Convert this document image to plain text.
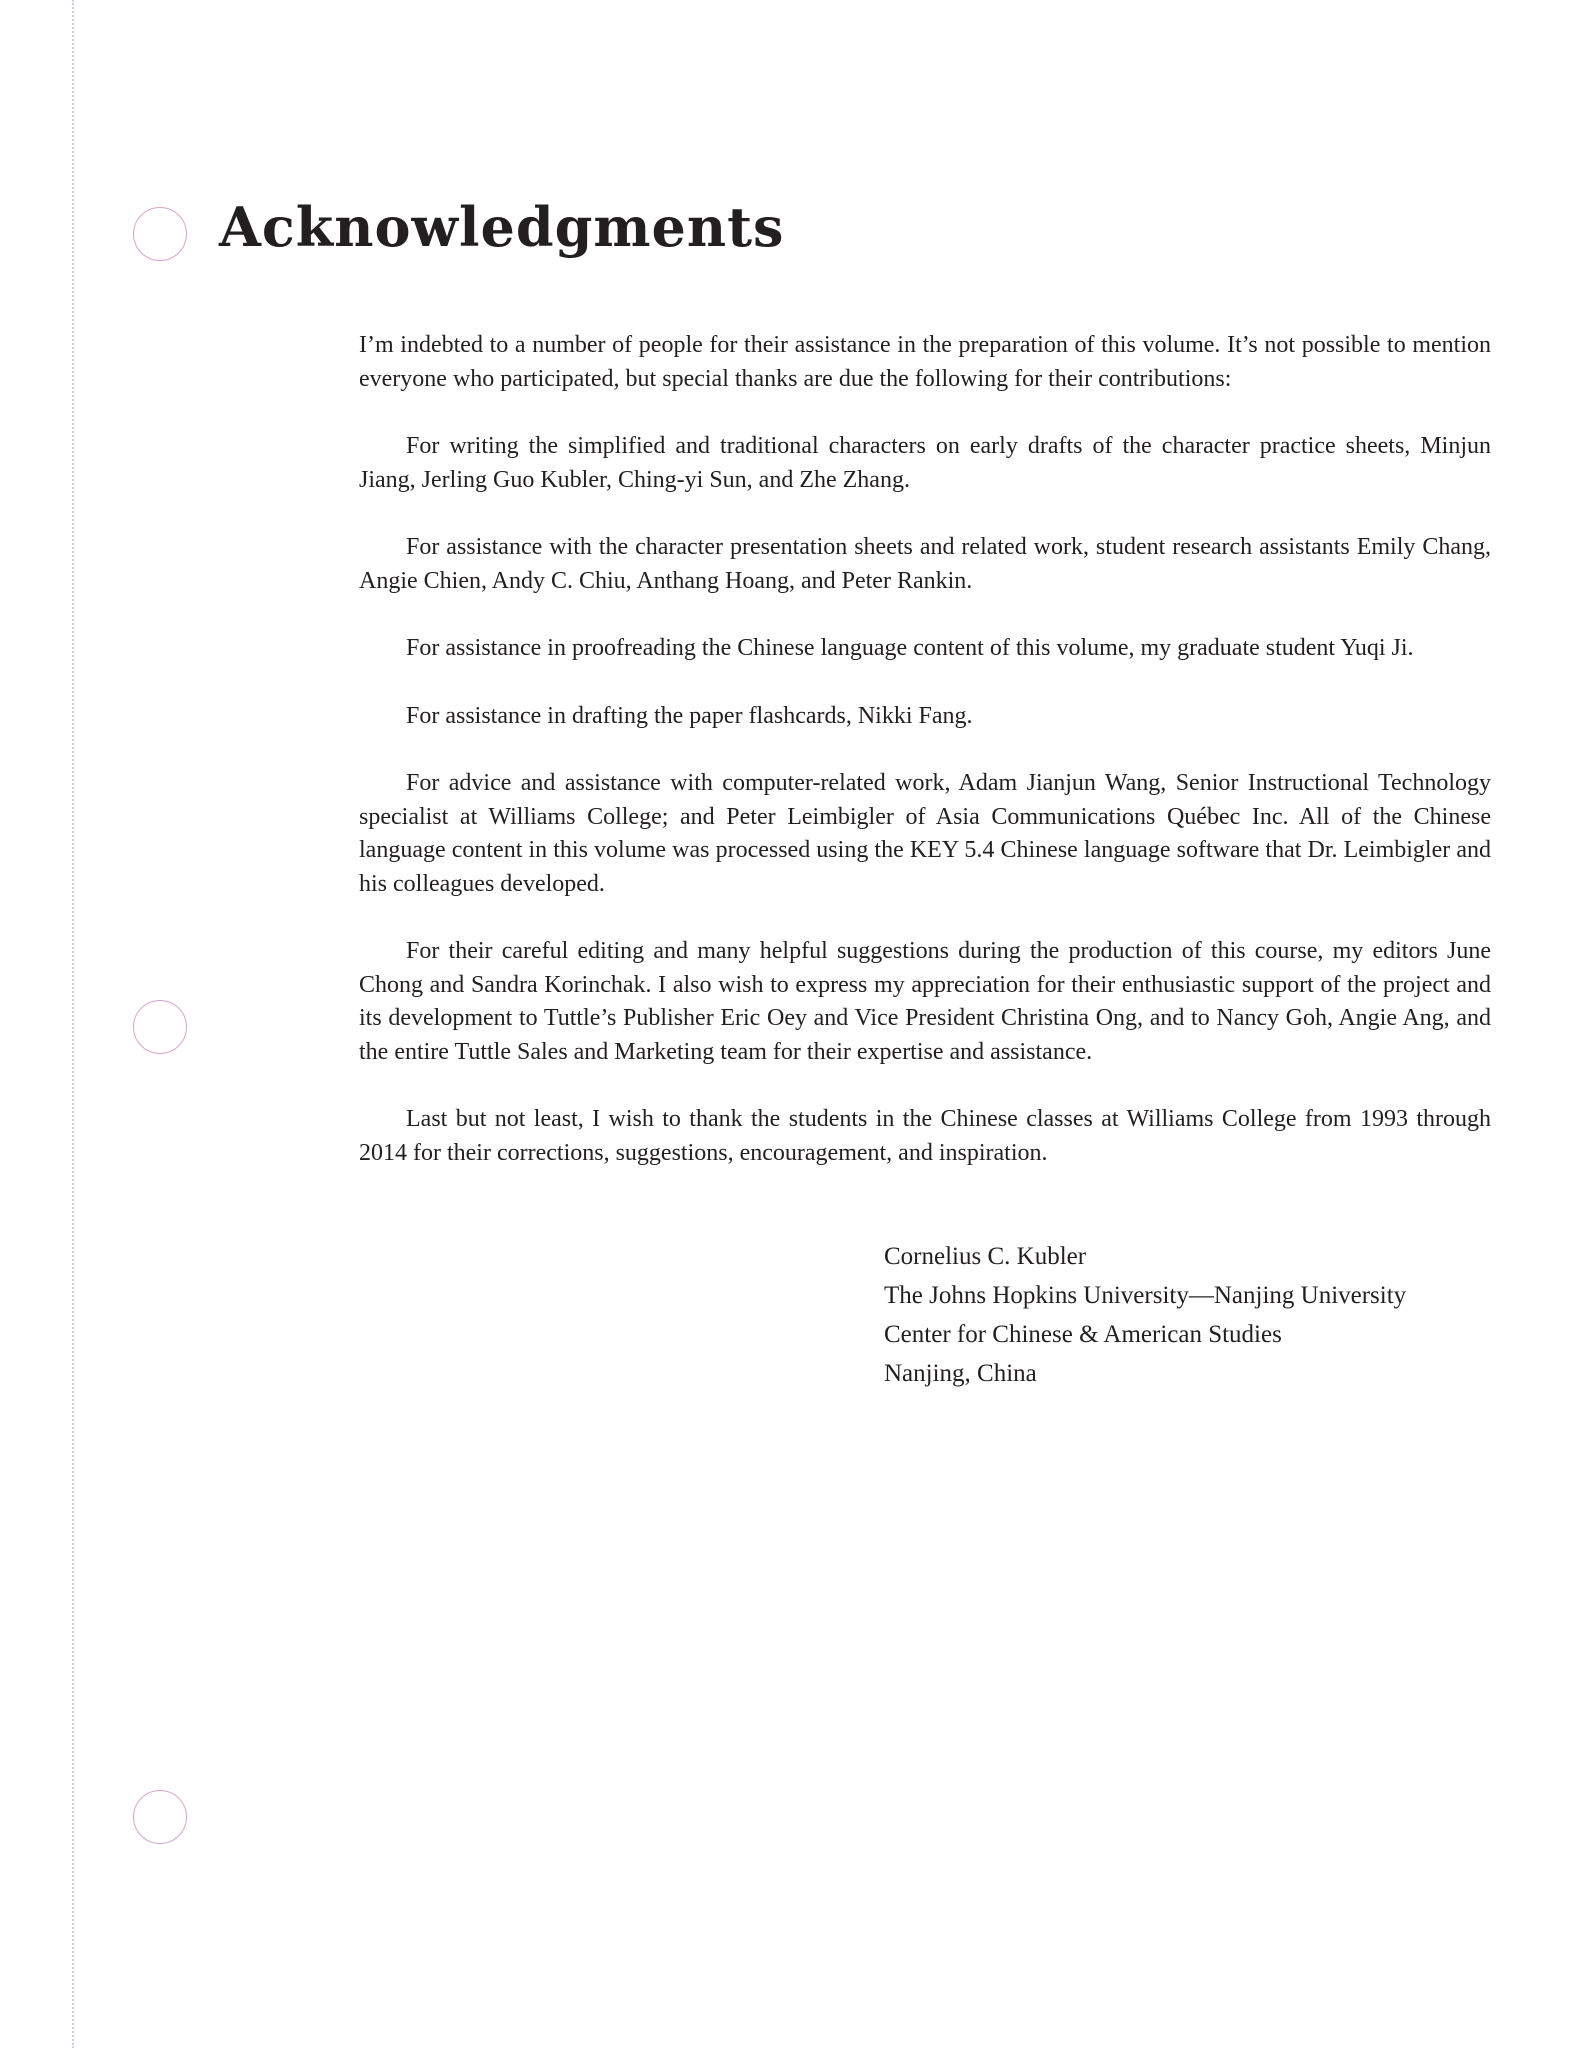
Acknowledgments

I’m indebted to a number of people for their assistance in the preparation of this volume. It’s not possible to mention everyone who participated, but special thanks are due the following for their contributions:

For writing the simplified and traditional characters on early drafts of the character practice sheets, Minjun Jiang, Jerling Guo Kubler, Ching-yi Sun, and Zhe Zhang.

For assistance with the character presentation sheets and related work, student research assistants Emily Chang, Angie Chien, Andy C. Chiu, Anthang Hoang, and Peter Rankin.

For assistance in proofreading the Chinese language content of this volume, my graduate student Yuqi Ji.

For assistance in drafting the paper flashcards, Nikki Fang.

For advice and assistance with computer-related work, Adam Jianjun Wang, Senior Instructional Technology specialist at Williams College; and Peter Leimbigler of Asia Communications Québec Inc. All of the Chinese language content in this volume was processed using the KEY 5.4 Chinese language software that Dr. Leimbigler and his colleagues developed.

For their careful editing and many helpful suggestions during the production of this course, my editors June Chong and Sandra Korinchak. I also wish to express my appreciation for their enthusiastic support of the project and its development to Tuttle’s Publisher Eric Oey and Vice President Christina Ong, and to Nancy Goh, Angie Ang, and the entire Tuttle Sales and Marketing team for their expertise and assistance.

Last but not least, I wish to thank the students in the Chinese classes at Williams College from 1993 through 2014 for their corrections, suggestions, encouragement, and inspiration.

Cornelius C. Kubler
The Johns Hopkins University—Nanjing University
Center for Chinese & American Studies
Nanjing, China
